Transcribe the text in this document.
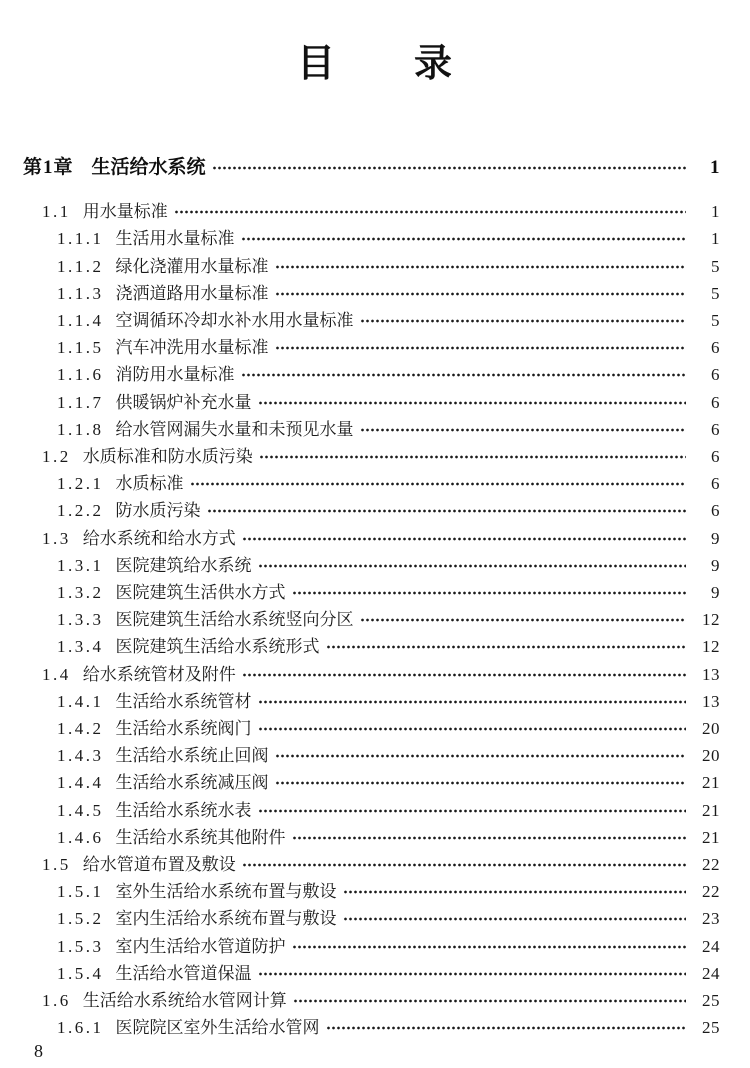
目　　录
第1章 生活给水系统	1
1.1 用水量标准	1
1.1.1 生活用水量标准	1
1.1.2 绿化浇灌用水量标准	5
1.1.3 浇洒道路用水量标准	5
1.1.4 空调循环冷却水补水用水量标准	5
1.1.5 汽车冲洗用水量标准	6
1.1.6 消防用水量标准	6
1.1.7 供暖锅炉补充水量	6
1.1.8 给水管网漏失水量和未预见水量	6
1.2 水质标准和防水质污染	6
1.2.1 水质标准	6
1.2.2 防水质污染	6
1.3 给水系统和给水方式	9
1.3.1 医院建筑给水系统	9
1.3.2 医院建筑生活供水方式	9
1.3.3 医院建筑生活给水系统竖向分区	12
1.3.4 医院建筑生活给水系统形式	12
1.4 给水系统管材及附件	13
1.4.1 生活给水系统管材	13
1.4.2 生活给水系统阀门	20
1.4.3 生活给水系统止回阀	20
1.4.4 生活给水系统减压阀	21
1.4.5 生活给水系统水表	21
1.4.6 生活给水系统其他附件	21
1.5 给水管道布置及敷设	22
1.5.1 室外生活给水系统布置与敷设	22
1.5.2 室内生活给水系统布置与敷设	23
1.5.3 室内生活给水管道防护	24
1.5.4 生活给水管道保温	24
1.6 生活给水系统给水管网计算	25
1.6.1 医院院区室外生活给水管网	25
8
